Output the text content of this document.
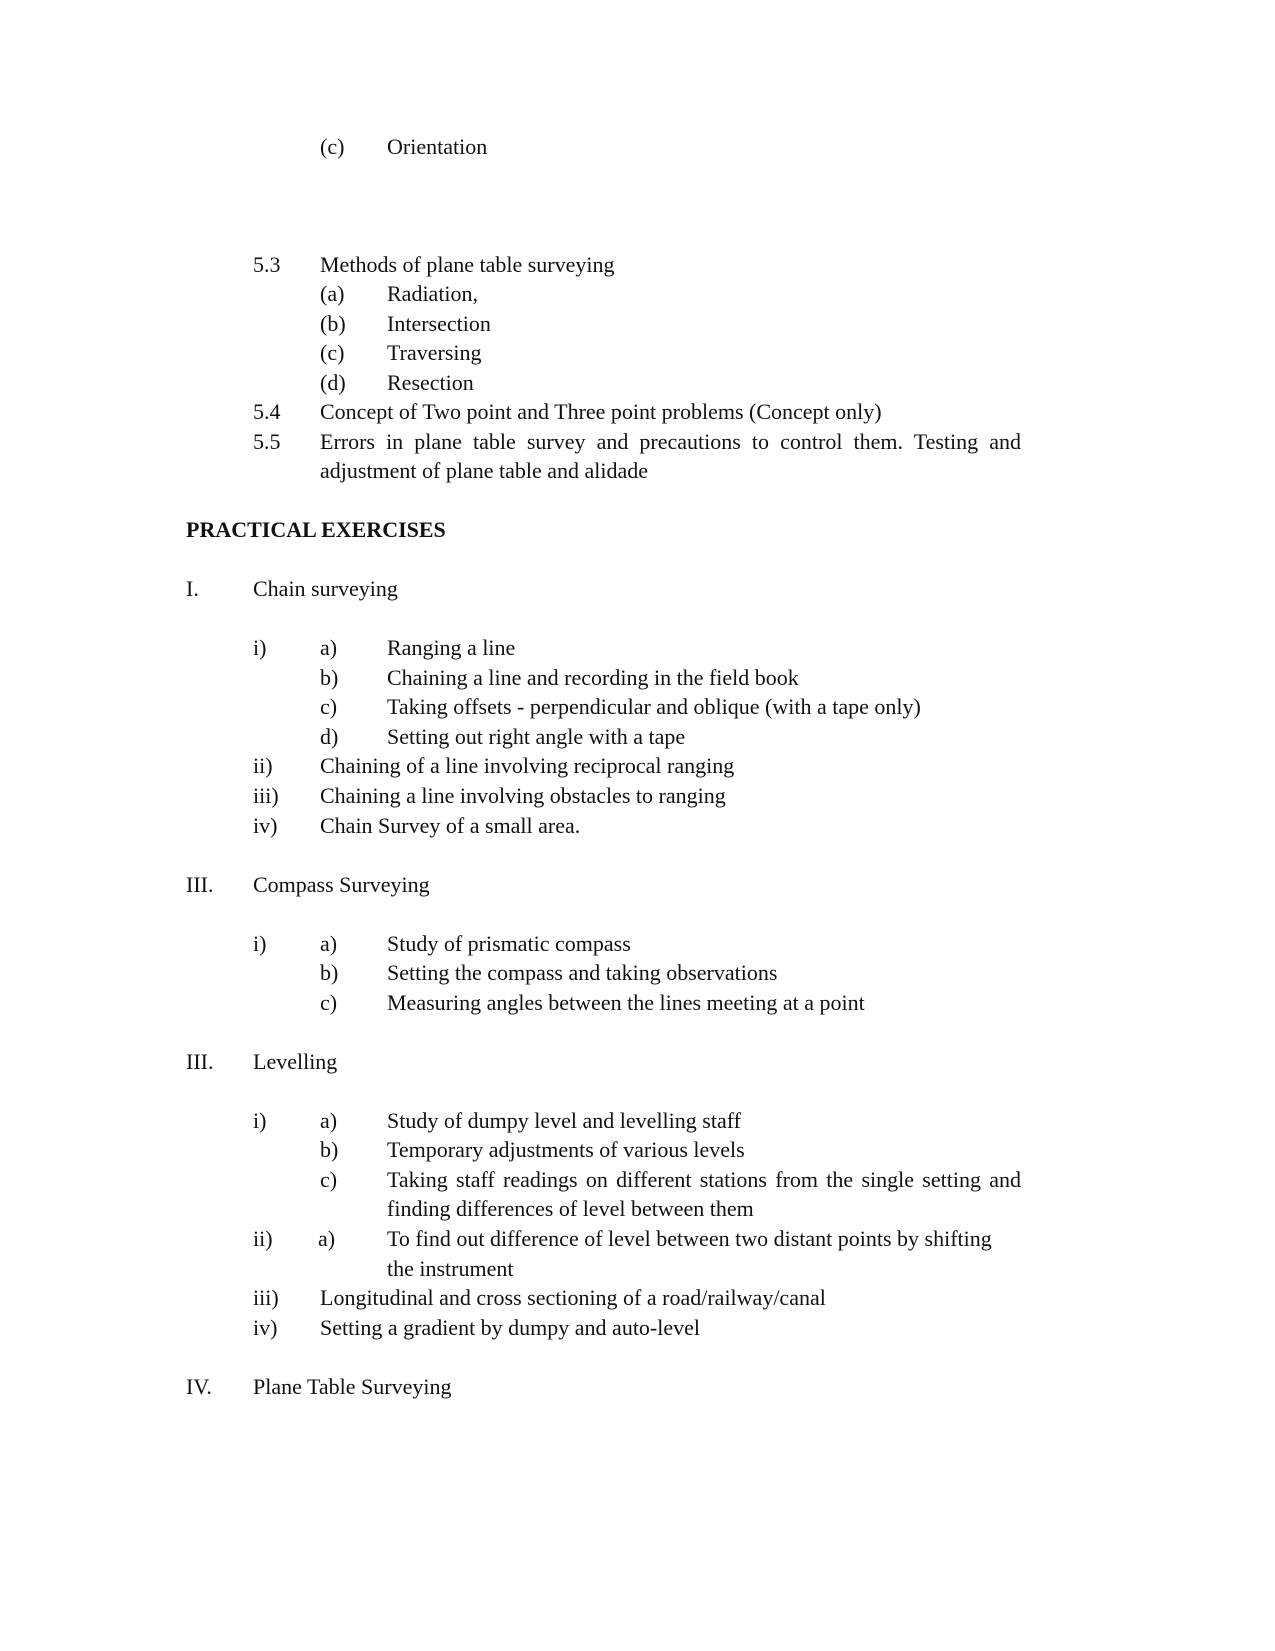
(c) Orientation
5.3 Methods of plane table surveying
(a) Radiation,
(b) Intersection
(c) Traversing
(d) Resection
5.4 Concept of Two point and Three point problems (Concept only)
5.5 Errors in plane table survey and precautions to control them. Testing and
adjustment of plane table and alidade
PRACTICAL EXERCISES
I. Chain surveying
i) a) Ranging a line
b) Chaining a line and recording in the field book
c) Taking offsets - perpendicular and oblique (with a tape only)
d) Setting out right angle with a tape
ii) Chaining of a line involving reciprocal ranging
iii) Chaining a line involving obstacles to ranging
iv) Chain Survey of a small area.
III. Compass Surveying
i) a) Study of prismatic compass
b) Setting the compass and taking observations
c) Measuring angles between the lines meeting at a point
III. Levelling
i) a) Study of dumpy level and levelling staff
b) Temporary adjustments of various levels
c) Taking staff readings on different stations from the single setting and
finding differences of level between them
ii) a) To find out difference of level between two distant points by shifting
the instrument
iii) Longitudinal and cross sectioning of a road/railway/canal
iv) Setting a gradient by dumpy and auto-level
IV. Plane Table Surveying
